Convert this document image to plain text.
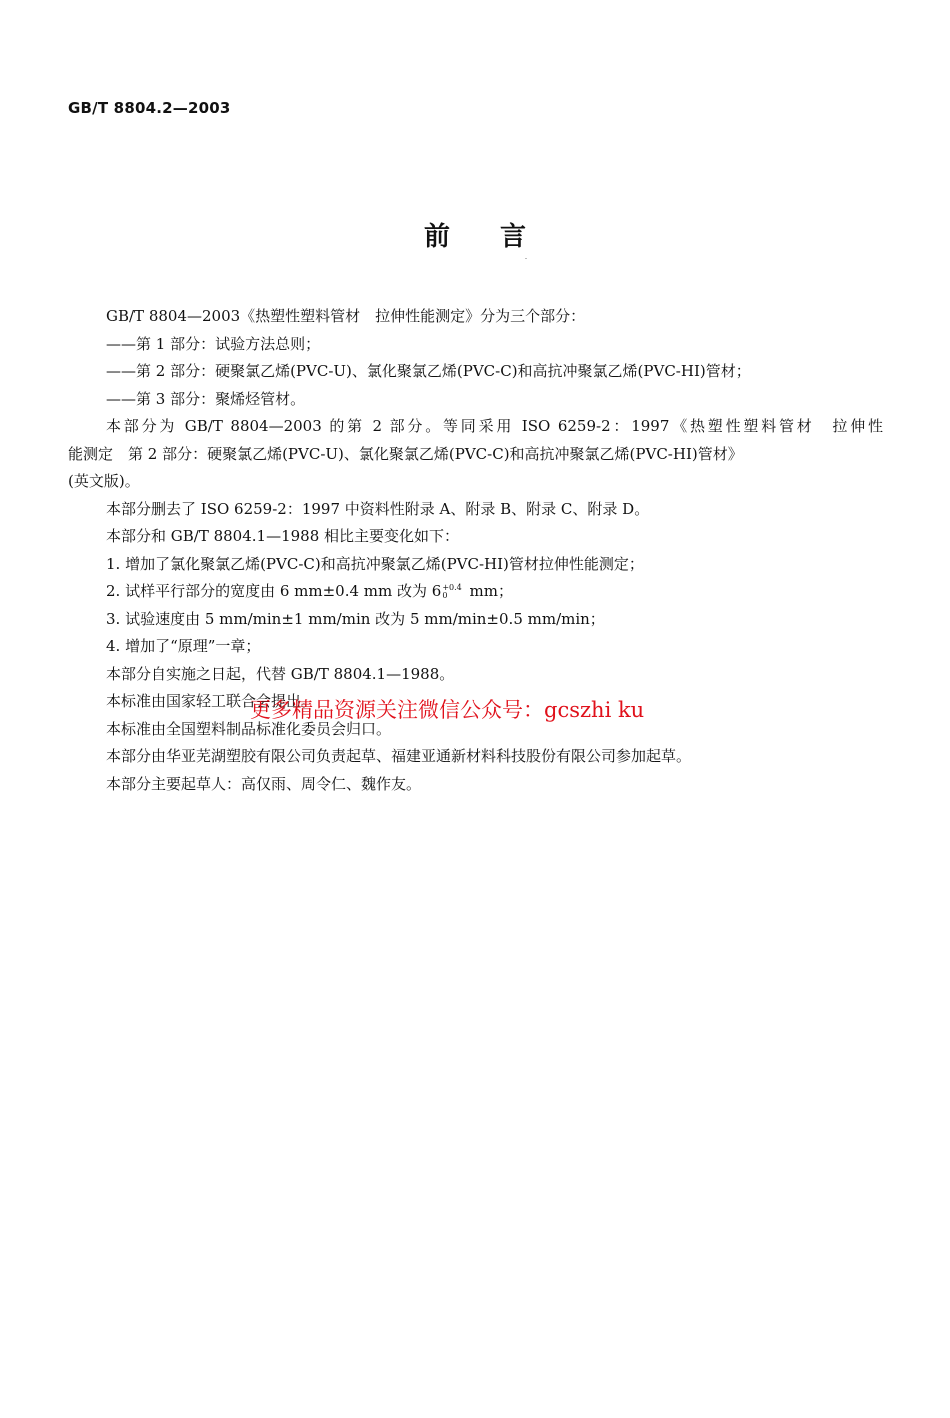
GB/T 8804.2—2003
前言

GB/T 8804—2003《热塑性塑料管材　拉伸性能测定》分为三个部分：

——第 1 部分：试验方法总则；

——第 2 部分：硬聚氯乙烯(PVC-U)、氯化聚氯乙烯(PVC-C)和高抗冲聚氯乙烯(PVC-HI)管材；

——第 3 部分：聚烯烃管材。

本部分为 GB/T 8804—2003 的第 2 部分。等同采用 ISO 6259-2：1997《热塑性塑料管材　拉伸性

能测定　第 2 部分：硬聚氯乙烯(PVC-U)、氯化聚氯乙烯(PVC-C)和高抗冲聚氯乙烯(PVC-HI)管材》

(英文版)。

本部分删去了 ISO 6259-2：1997 中资料性附录 A、附录 B、附录 C、附录 D。

本部分和 GB/T 8804.1—1988 相比主要变化如下：

1. 增加了氯化聚氯乙烯(PVC-C)和高抗冲聚氯乙烯(PVC-HI)管材拉伸性能测定；

2. 试样平行部分的宽度由 6 mm±0.4 mm 改为 6 +0.4
0	mm；

3. 试验速度由 5 mm/min±1 mm/min 改为 5 mm/min±0.5 mm/min；

4. 增加了“原理”一章；

本部分自实施之日起，代替 GB/T 8804.1—1988。

本标准由国家轻工联合会提出。

本标准由全国塑料制品标准化委员会归口。

本部分由华亚芜湖塑胶有限公司负责起草、福建亚通新材料科技股份有限公司参加起草。

本部分主要起草人：高仅雨、周令仁、魏作友。

更多精品资源关注微信公众号：gcszhi ku
